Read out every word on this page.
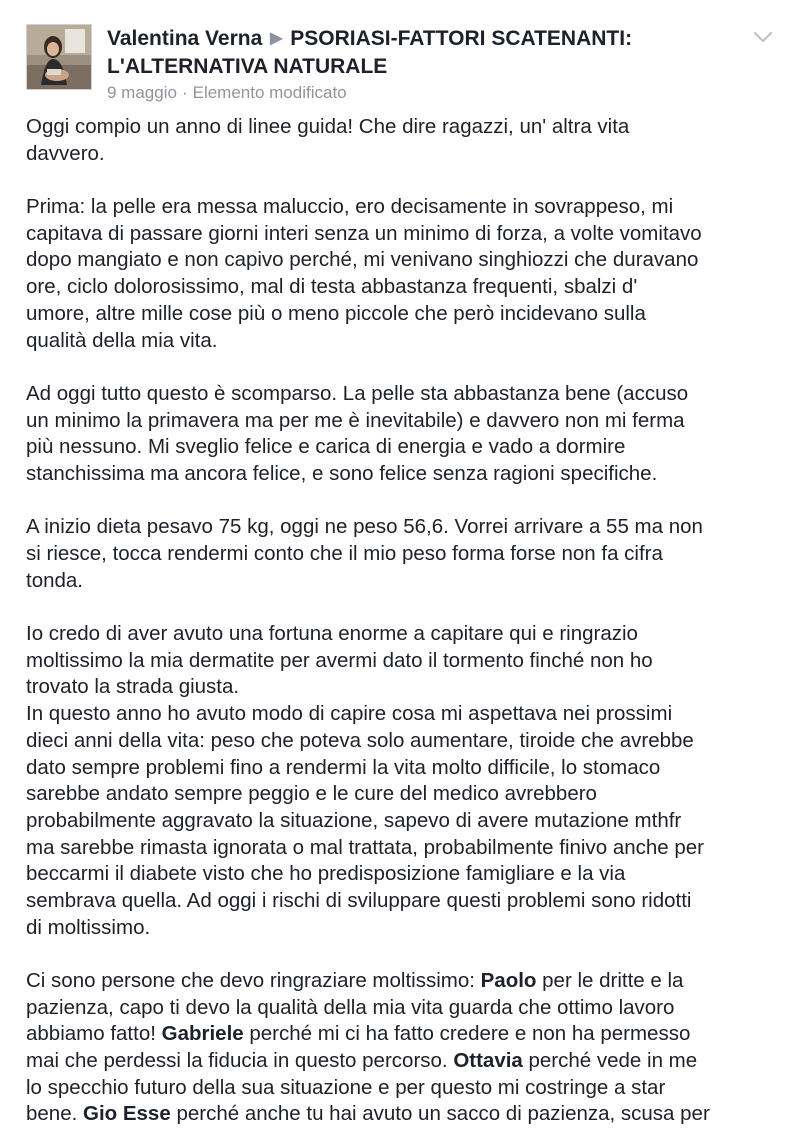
Valentina Verna ▶ PSORIASI-FATTORI SCATENANTI:
L'ALTERNATIVA NATURALE
9 maggio · Elemento modificato
Oggi compio un anno di linee guida! Che dire ragazzi, un' altra vita
davvero.
Prima: la pelle era messa maluccio, ero decisamente in sovrappeso, mi
capitava di passare giorni interi senza un minimo di forza, a volte vomitavo
dopo mangiato e non capivo perché, mi venivano singhiozzi che duravano
ore, ciclo dolorosissimo, mal di testa abbastanza frequenti, sbalzi d'
umore, altre mille cose più o meno piccole che però incidevano sulla
qualità della mia vita.
Ad oggi tutto questo è scomparso. La pelle sta abbastanza bene (accuso
un minimo la primavera ma per me è inevitabile) e davvero non mi ferma
più nessuno. Mi sveglio felice e carica di energia e vado a dormire
stanchissima ma ancora felice, e sono felice senza ragioni specifiche.
A inizio dieta pesavo 75 kg, oggi ne peso 56,6. Vorrei arrivare a 55 ma non
si riesce, tocca rendermi conto che il mio peso forma forse non fa cifra
tonda.
Io credo di aver avuto una fortuna enorme a capitare qui e ringrazio
moltissimo la mia dermatite per avermi dato il tormento finché non ho
trovato la strada giusta.
In questo anno ho avuto modo di capire cosa mi aspettava nei prossimi
dieci anni della vita: peso che poteva solo aumentare, tiroide che avrebbe
dato sempre problemi fino a rendermi la vita molto difficile, lo stomaco
sarebbe andato sempre peggio e le cure del medico avrebbero
probabilmente aggravato la situazione, sapevo di avere mutazione mthfr
ma sarebbe rimasta ignorata o mal trattata, probabilmente finivo anche per
beccarmi il diabete visto che ho predisposizione famigliare e la via
sembrava quella. Ad oggi i rischi di sviluppare questi problemi sono ridotti
di moltissimo.
Ci sono persone che devo ringraziare moltissimo: Paolo per le dritte e la
pazienza, capo ti devo la qualità della mia vita guarda che ottimo lavoro
abbiamo fatto! Gabriele perché mi ci ha fatto credere e non ha permesso
mai che perdessi la fiducia in questo percorso. Ottavia perché vede in me
lo specchio futuro della sua situazione e per questo mi costringe a star
bene. Gio Esse perché anche tu hai avuto un sacco di pazienza, scusa per
